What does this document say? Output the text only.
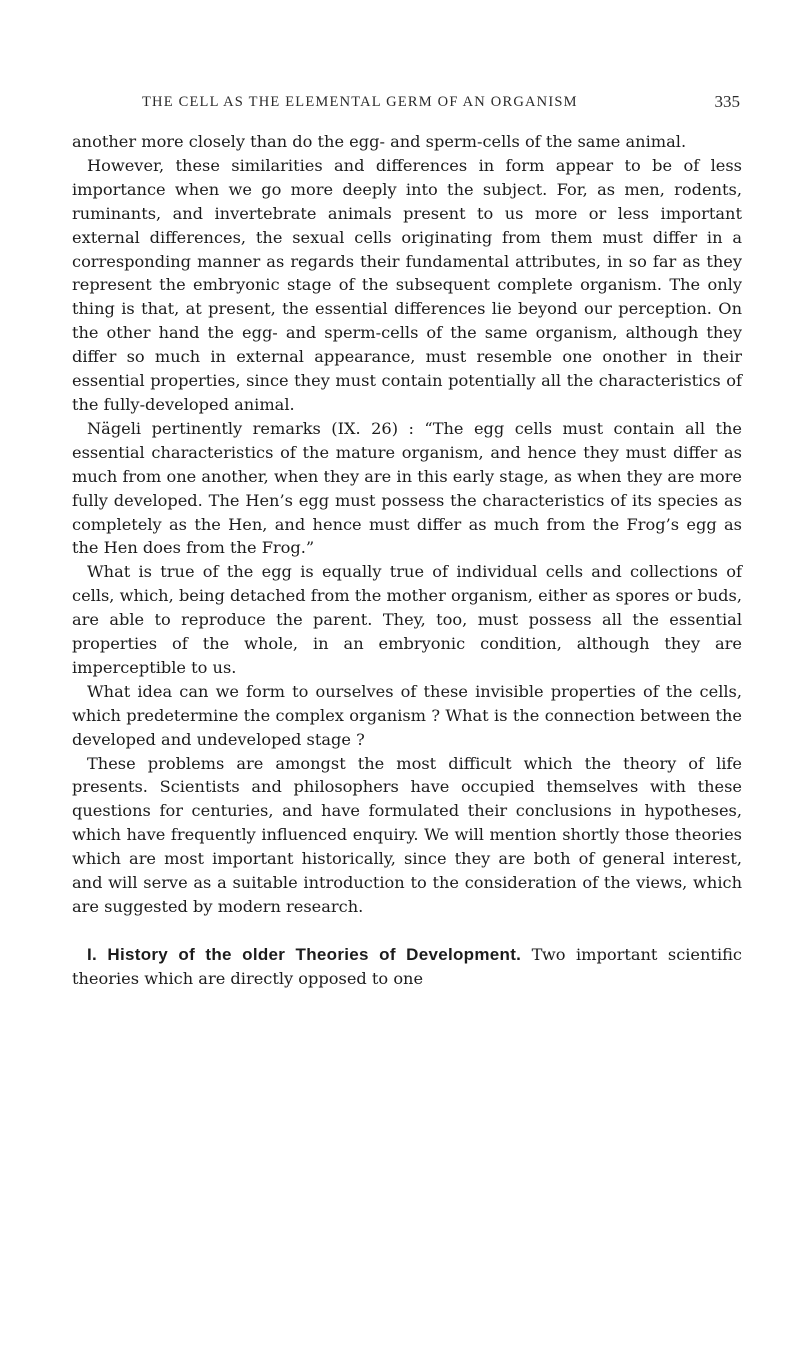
THE CELL AS THE ELEMENTAL GERM OF AN ORGANISM	335

another more closely than do the egg- and sperm-cells of the same animal.

However, these similarities and differences in form appear to be of less importance when we go more deeply into the subject. For, as men, rodents, ruminants, and invertebrate animals present to us more or less important external differences, the sexual cells originating from them must differ in a corresponding manner as regards their fundamental attributes, in so far as they represent the embryonic stage of the subsequent complete organism. The only thing is that, at present, the essential differences lie beyond our perception. On the other hand the egg- and sperm-cells of the same organism, although they differ so much in external appearance, must resemble one onother in their essential properties, since they must contain potentially all the characteristics of the fully-developed animal.

Nägeli pertinently remarks (IX. 26) : “The egg cells must contain all the essential characteristics of the mature organism, and hence they must differ as much from one another, when they are in this early stage, as when they are more fully developed. The Hen’s egg must possess the characteristics of its species as completely as the Hen, and hence must differ as much from the Frog’s egg as the Hen does from the Frog.”

What is true of the egg is equally true of individual cells and collections of cells, which, being detached from the mother organism, either as spores or buds, are able to reproduce the parent. They, too, must possess all the essential properties of the whole, in an embryonic condition, although they are imperceptible to us.

What idea can we form to ourselves of these invisible properties of the cells, which predetermine the complex organism ? What is the connection between the developed and undeveloped stage ?

These problems are amongst the most difficult which the theory of life presents. Scientists and philosophers have occupied themselves with these questions for centuries, and have formulated their conclusions in hypotheses, which have frequently influenced enquiry. We will mention shortly those theories which are most important historically, since they are both of general interest, and will serve as a suitable introduction to the consideration of the views, which are suggested by modern research.

I. History of the older Theories of Development. Two important scientific theories which are directly opposed to one
